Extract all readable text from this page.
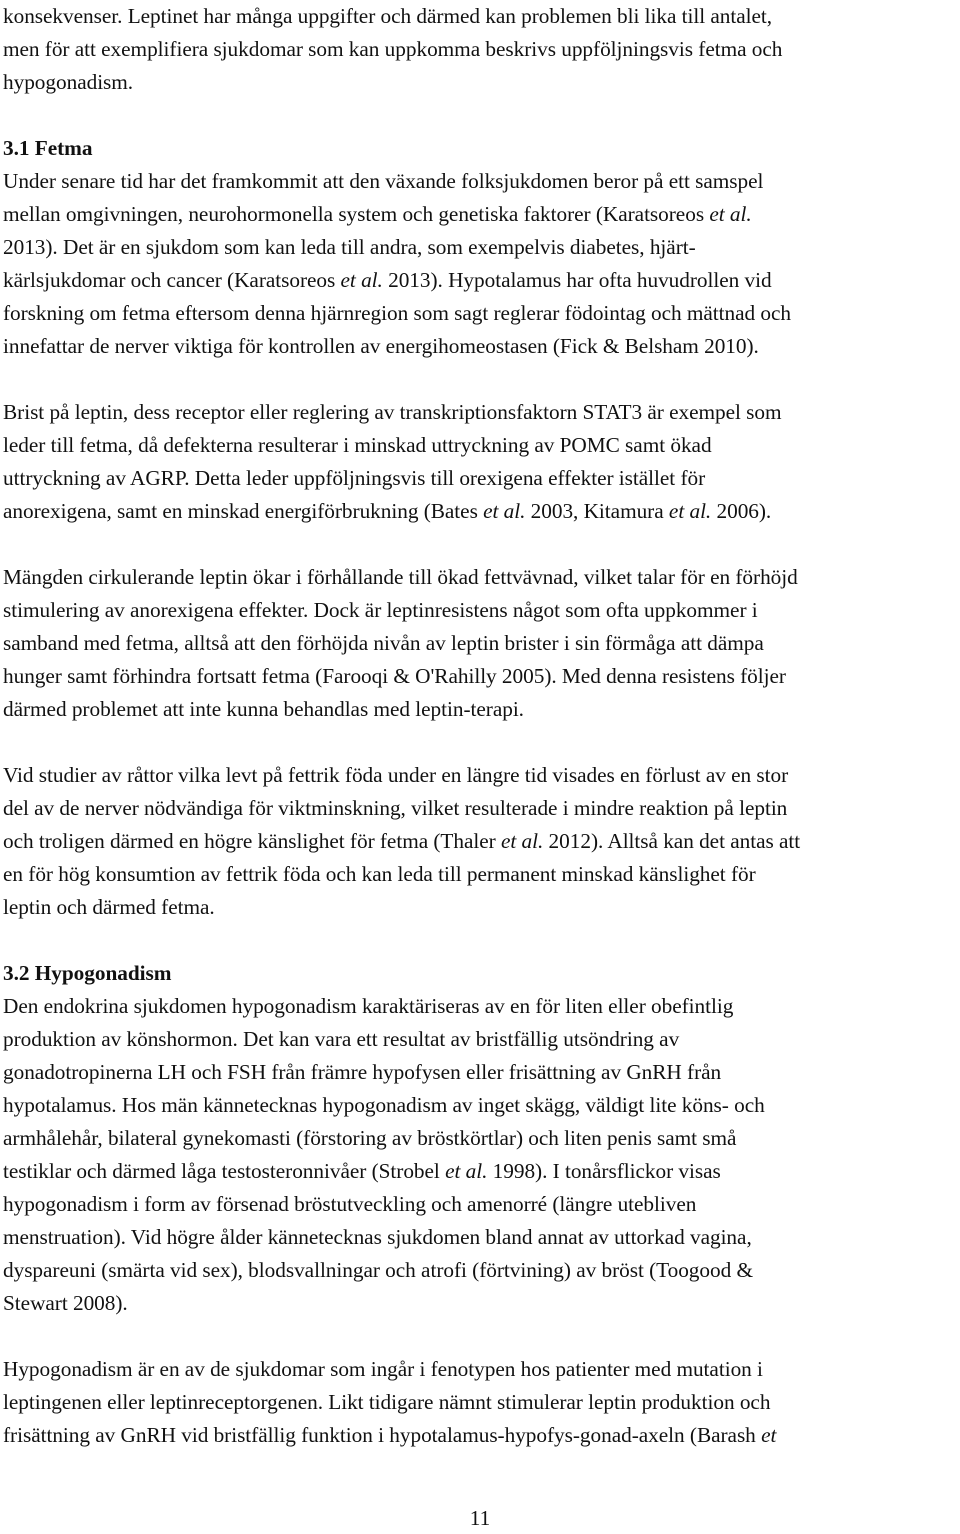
konsekvenser. Leptinet har många uppgifter och därmed kan problemen bli lika till antalet,
men för att exemplifiera sjukdomar som kan uppkomma beskrivs uppföljningsvis fetma och
hypogonadism.

3.1 Fetma

Under senare tid har det framkommit att den växande folksjukdomen beror på ett samspel
mellan omgivningen, neurohormonella system och genetiska faktorer (Karatsoreos et al.
2013). Det är en sjukdom som kan leda till andra, som exempelvis diabetes, hjärt-
kärlsjukdomar och cancer (Karatsoreos et al. 2013). Hypotalamus har ofta huvudrollen vid
forskning om fetma eftersom denna hjärnregion som sagt reglerar födointag och mättnad och
innefattar de nerver viktiga för kontrollen av energihomeostasen (Fick & Belsham 2010).

Brist på leptin, dess receptor eller reglering av transkriptionsfaktorn STAT3 är exempel som
leder till fetma, då defekterna resulterar i minskad uttryckning av POMC samt ökad
uttryckning av AGRP. Detta leder uppföljningsvis till orexigena effekter istället för
anorexigena, samt en minskad energiförbrukning (Bates et al. 2003, Kitamura et al. 2006).

Mängden cirkulerande leptin ökar i förhållande till ökad fettvävnad, vilket talar för en förhöjd
stimulering av anorexigena effekter. Dock är leptinresistens något som ofta uppkommer i
samband med fetma, alltså att den förhöjda nivån av leptin brister i sin förmåga att dämpa
hunger samt förhindra fortsatt fetma (Farooqi & O'Rahilly 2005). Med denna resistens följer
därmed problemet att inte kunna behandlas med leptin-terapi.

Vid studier av råttor vilka levt på fettrik föda under en längre tid visades en förlust av en stor
del av de nerver nödvändiga för viktminskning, vilket resulterade i mindre reaktion på leptin
och troligen därmed en högre känslighet för fetma (Thaler et al. 2012). Alltså kan det antas att
en för hög konsumtion av fettrik föda och kan leda till permanent minskad känslighet för
leptin och därmed fetma.

3.2 Hypogonadism

Den endokrina sjukdomen hypogonadism karaktäriseras av en för liten eller obefintlig
produktion av könshormon. Det kan vara ett resultat av bristfällig utsöndring av
gonadotropinerna LH och FSH från främre hypofysen eller frisättning av GnRH från
hypotalamus. Hos män kännetecknas hypogonadism av inget skägg, väldigt lite köns- och
armhålehår, bilateral gynekomasti (förstoring av bröstkörtlar) och liten penis samt små
testiklar och därmed låga testosteronnivåer (Strobel et al. 1998). I tonårsflickor visas
hypogonadism i form av försenad bröstutveckling och amenorré (längre utebliven
menstruation). Vid högre ålder kännetecknas sjukdomen bland annat av uttorkad vagina,
dyspareuni (smärta vid sex), blodsvallningar och atrofi (förtvining) av bröst (Toogood &
Stewart 2008).

Hypogonadism är en av de sjukdomar som ingår i fenotypen hos patienter med mutation i
leptingenen eller leptinreceptorgenen. Likt tidigare nämnt stimulerar leptin produktion och
frisättning av GnRH vid bristfällig funktion i hypotalamus-hypofys-gonad-axeln (Barash et

11
